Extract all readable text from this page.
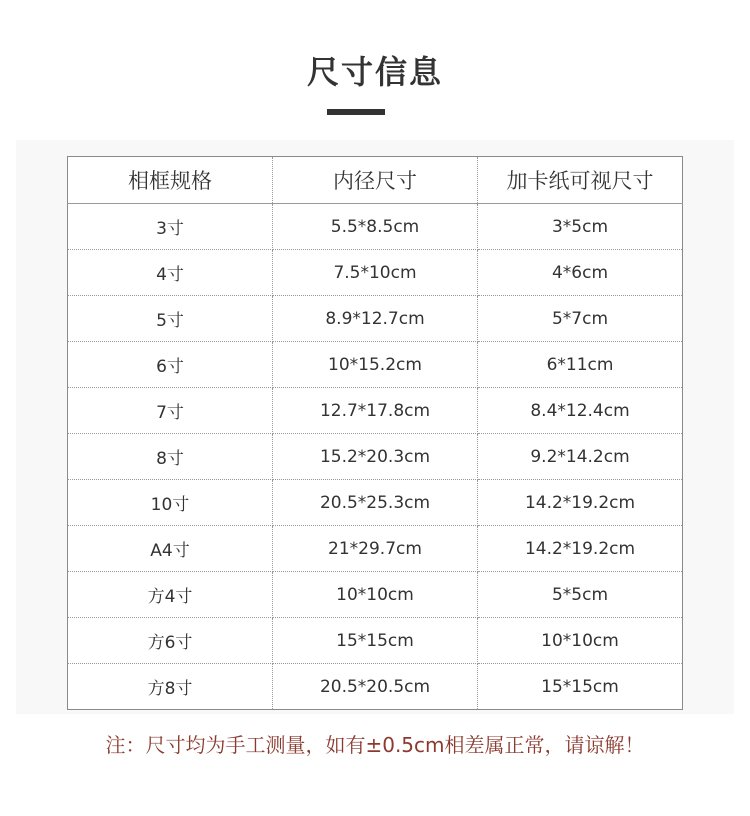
尺寸信息
相框规格	内径尺寸	加卡纸可视尺寸
3寸	5.5*8.5cm	3*5cm
4寸	7.5*10cm	4*6cm
5寸	8.9*12.7cm	5*7cm
6寸	10*15.2cm	6*11cm
7寸	12.7*17.8cm	8.4*12.4cm
8寸	15.2*20.3cm	9.2*14.2cm
10寸	20.5*25.3cm	14.2*19.2cm
A4寸	21*29.7cm	14.2*19.2cm
方4寸	10*10cm	5*5cm
方6寸	15*15cm	10*10cm
方8寸	20.5*20.5cm	15*15cm
注：尺寸均为手工测量，如有±0.5cm相差属正常，请谅解！
